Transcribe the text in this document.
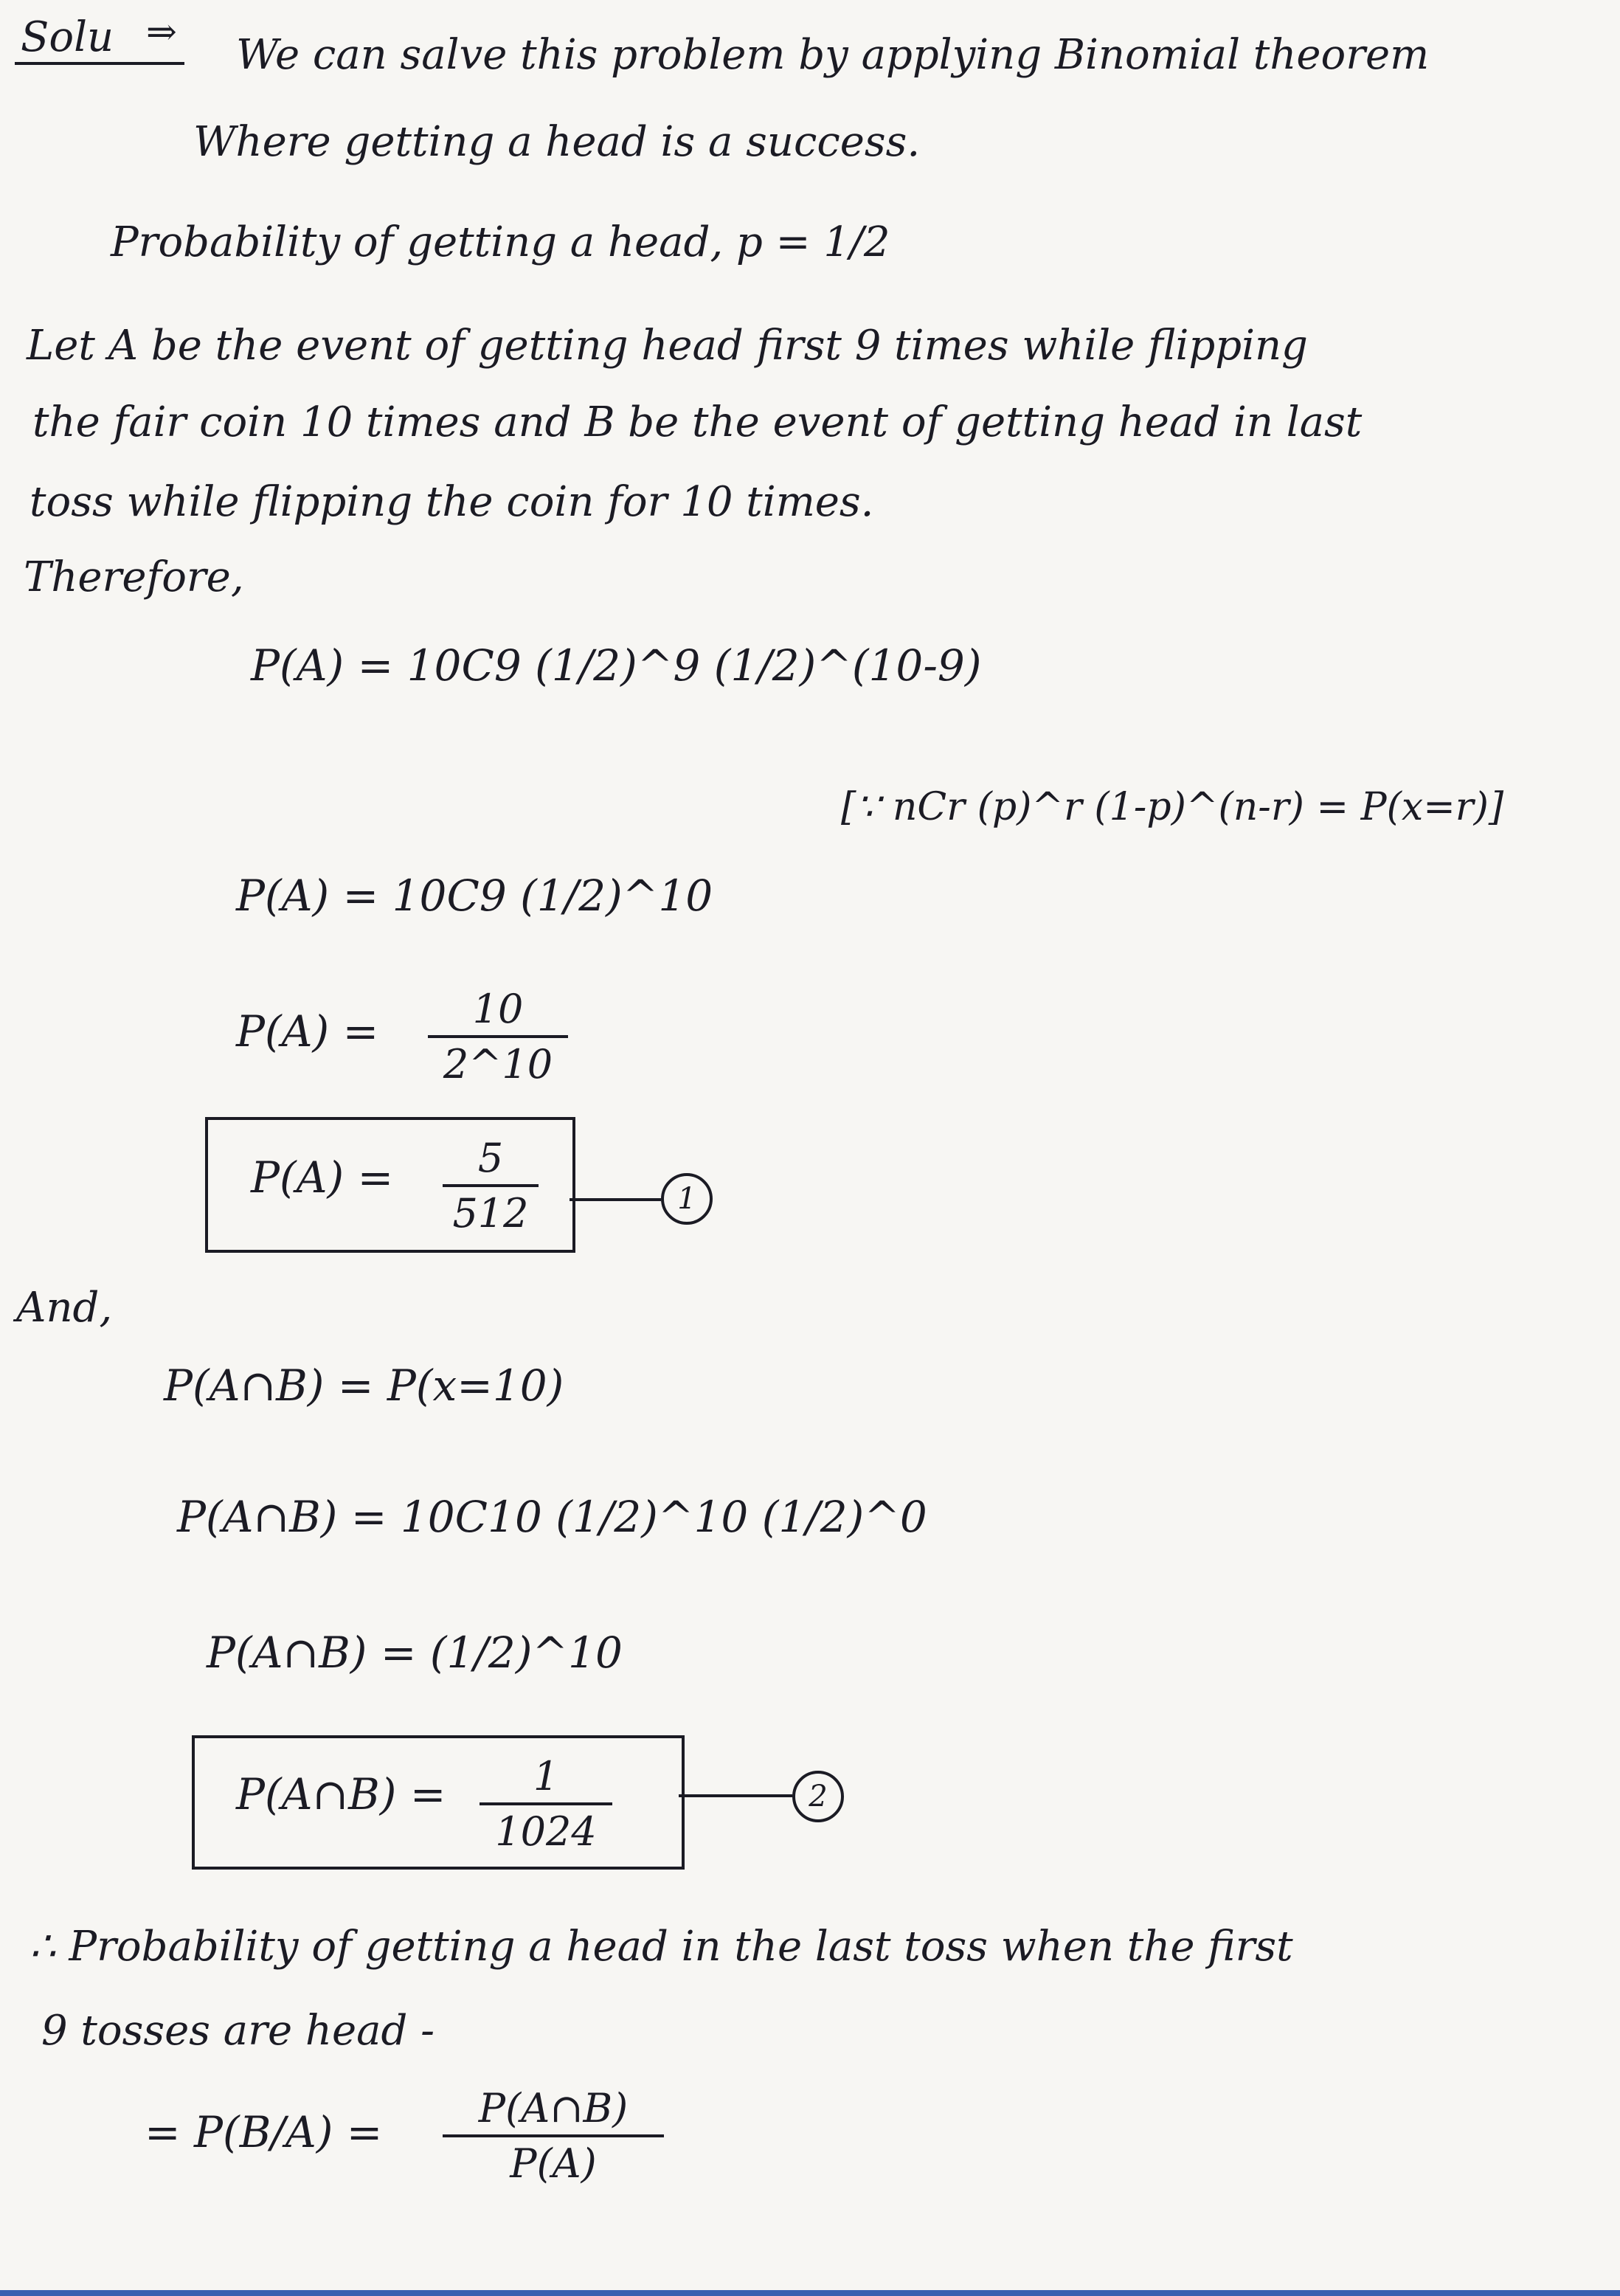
Solu ⇒ We can salve this problem by applying Binomial theorem
Where getting a head is a success.
Probability of getting a head, p = 1/2
Let A be the event of getting head first 9 times while flipping
the fair coin 10 times and B be the event of getting head in last
toss while flipping the coin for 10 times.
Therefore,
P(A) = 10C9 (1/2)^9 (1/2)^(10-9)
[∵ nCr (p)^r (1-p)^(n-r) = P(x=r)]
P(A) = 10C9 (1/2)^10
P(A) =	10
2^10
P(A) =	5
512	1
And,
P(A∩B) = P(x=10)
P(A∩B) = 10C10 (1/2)^10 (1/2)^0
P(A∩B) = (1/2)^10
P(A∩B) =	1
1024
2
∴ Probability of getting a head in the last toss when the first
9 tosses are head -
= P(B/A) =	P(A∩B)
P(A)
